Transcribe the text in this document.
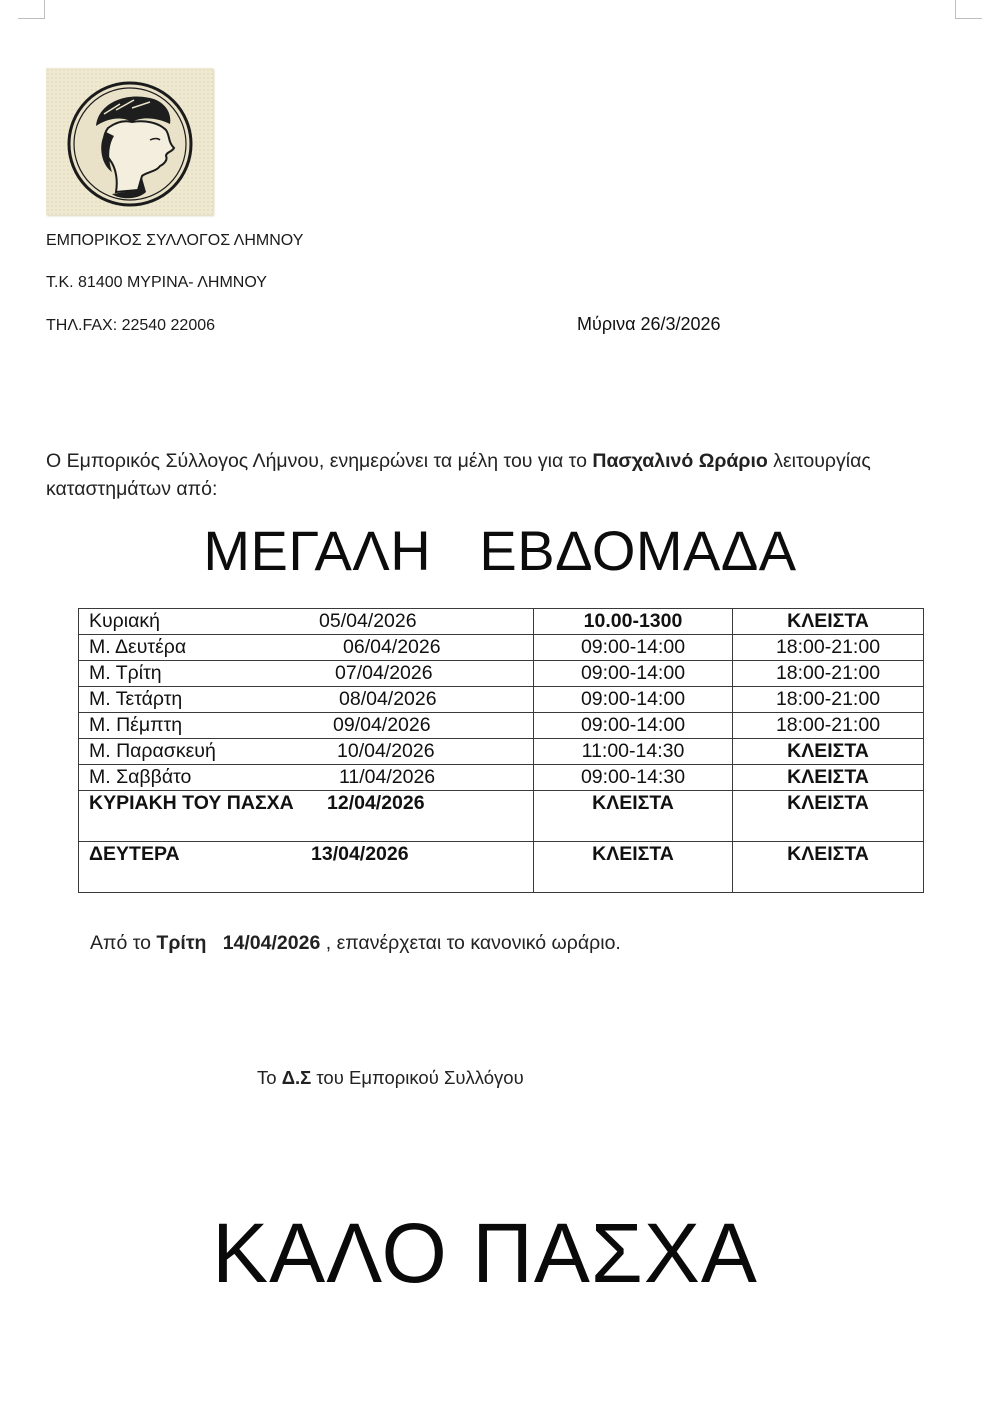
ΕΜΠΟΡΙΚΟΣ ΣΥΛΛΟΓΟΣ ΛΗΜΝΟΥ
Τ.Κ. 81400 ΜΥΡΙΝΑ- ΛΗΜΝΟΥ
ΤΗΛ.FAX: 22540 22006	Μύρινα 26/3/2026
Ο Εμπορικός Σύλλογος Λήμνου, ενημερώνει τα μέλη του για το Πασχαλινό Ωράριο λειτουργίας καταστημάτων από:
ΜΕΓΑΛΗ   ΕΒΔΟΜΑΔΑ
Κυριακή 05/04/2026	10.00-1300	ΚΛΕΙΣΤΑ

Μ. Δευτέρα 06/04/2026	09:00-14:00	18:00-21:00

Μ. Τρίτη 07/04/2026	09:00-14:00	18:00-21:00

Μ. Τετάρτη 08/04/2026	09:00-14:00	18:00-21:00

Μ. Πέμπτη 09/04/2026	09:00-14:00	18:00-21:00

Μ. Παρασκευή 10/04/2026	11:00-14:30	ΚΛΕΙΣΤΑ

Μ. Σαββάτο 11/04/2026	09:00-14:30	ΚΛΕΙΣΤΑ

ΚΥΡΙΑΚΗ ΤΟΥ ΠΑΣΧΑ 12/04/2026	ΚΛΕΙΣΤΑ	ΚΛΕΙΣΤΑ

ΔΕΥΤΕΡΑ 13/04/2026	ΚΛΕΙΣΤΑ	ΚΛΕΙΣΤΑ
Από το Τρίτη 14/04/2026 , επανέρχεται το κανονικό ωράριο.
Το Δ.Σ του Εμπορικού Συλλόγου
ΚΑΛΟ ΠΑΣΧΑ
